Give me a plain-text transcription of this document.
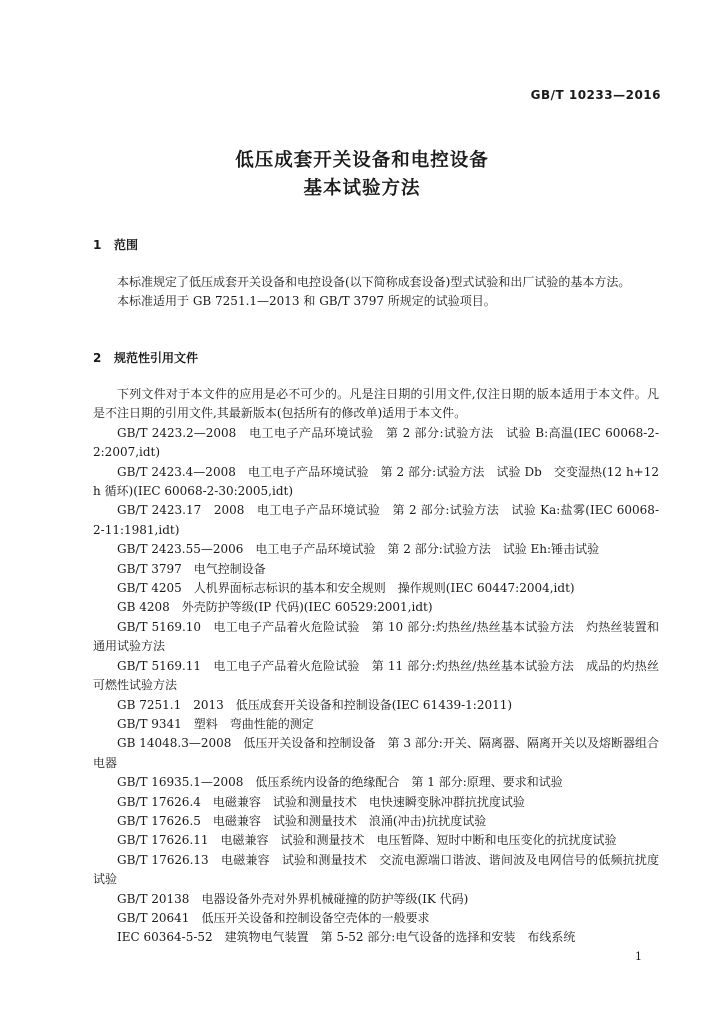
GB/T 10233—2016
低压成套开关设备和电控设备
基本试验方法
1 范围

本标准规定了低压成套开关设备和电控设备(以下简称成套设备)型式试验和出厂试验的基本方法。

本标准适用于 GB 7251.1—2013 和 GB/T 3797 所规定的试验项目。

2 规范性引用文件

下列文件对于本文件的应用是必不可少的。凡是注日期的引用文件,仅注日期的版本适用于本文件。凡是不注日期的引用文件,其最新版本(包括所有的修改单)适用于本文件。

GB/T 2423.2—2008　电工电子产品环境试验　第 2 部分:试验方法　试验 B:高温(IEC 60068-2-2:2007,idt)

GB/T 2423.4—2008　电工电子产品环境试验　第 2 部分:试验方法　试验 Db　交变湿热(12 h+12 h 循环)(IEC 60068-2-30:2005,idt)

GB/T 2423.17　2008　电工电子产品环境试验　第 2 部分:试验方法　试验 Ka:盐雾(IEC 60068-2-11:1981,idt)

GB/T 2423.55—2006　电工电子产品环境试验　第 2 部分:试验方法　试验 Eh:锤击试验

GB/T 3797　电气控制设备

GB/T 4205　人机界面标志标识的基本和安全规则　操作规则(IEC 60447:2004,idt)

GB 4208　外壳防护等级(IP 代码)(IEC 60529:2001,idt)

GB/T 5169.10　电工电子产品着火危险试验　第 10 部分:灼热丝/热丝基本试验方法　灼热丝装置和通用试验方法

GB/T 5169.11　电工电子产品着火危险试验　第 11 部分:灼热丝/热丝基本试验方法　成品的灼热丝可燃性试验方法

GB 7251.1　2013　低压成套开关设备和控制设备(IEC 61439-1:2011)

GB/T 9341　塑料　弯曲性能的测定

GB 14048.3—2008　低压开关设备和控制设备　第 3 部分:开关、隔离器、隔离开关以及熔断器组合电器

GB/T 16935.1—2008　低压系统内设备的绝缘配合　第 1 部分:原理、要求和试验

GB/T 17626.4　电磁兼容　试验和测量技术　电快速瞬变脉冲群抗扰度试验

GB/T 17626.5　电磁兼容　试验和测量技术　浪涌(冲击)抗扰度试验

GB/T 17626.11　电磁兼容　试验和测量技术　电压暂降、短时中断和电压变化的抗扰度试验

GB/T 17626.13　电磁兼容　试验和测量技术　交流电源端口谐波、谐间波及电网信号的低频抗扰度试验

GB/T 20138　电器设备外壳对外界机械碰撞的防护等级(IK 代码)

GB/T 20641　低压开关设备和控制设备空壳体的一般要求

IEC 60364-5-52　建筑物电气装置　第 5-52 部分:电气设备的选择和安装　布线系统

1
